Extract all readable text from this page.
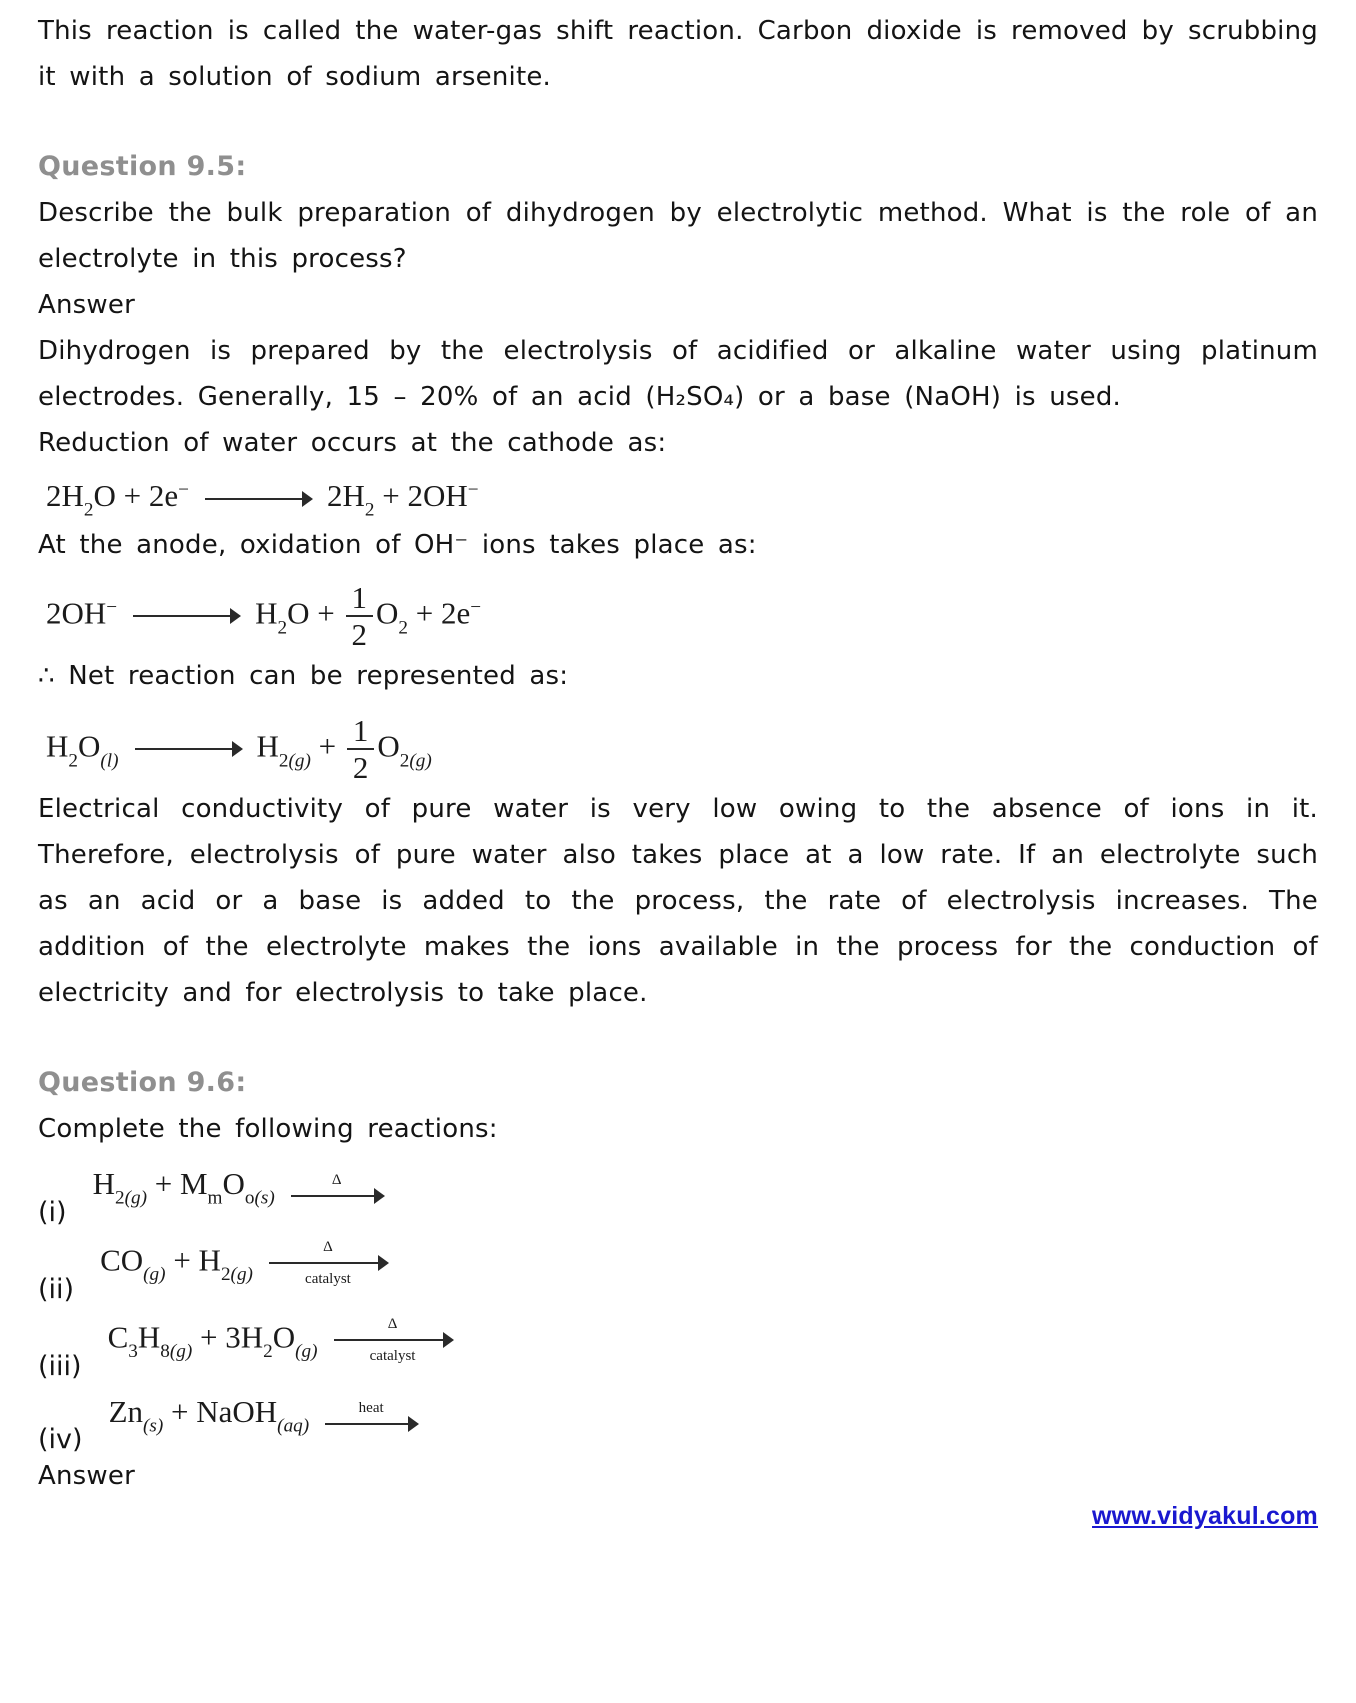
This reaction is called the water-gas shift reaction. Carbon dioxide is removed by scrubbing it with a solution of sodium arsenite.

Question 9.5:

Describe the bulk preparation of dihydrogen by electrolytic method. What is the role of an electrolyte in this process?

Answer

Dihydrogen is prepared by the electrolysis of acidified or alkaline water using platinum electrodes. Generally, 15 – 20% of an acid (H₂SO₄) or a base (NaOH) is used.

Reduction of water occurs at the cathode as:

$2H_2O + 2e^- \to 2H_2 + 2OH^-$

At the anode, oxidation of OH⁻ ions takes place as:

$2OH^- \to H_2O + \frac{1}{2} O_2 + 2e^-$

∴ Net reaction can be represented as:

$H_2O_{(l)} \to H_{2(g)} + \frac{1}{2} O_{2(g)}$

Electrical conductivity of pure water is very low owing to the absence of ions in it. Therefore, electrolysis of pure water also takes place at a low rate. If an electrolyte such as an acid or a base is added to the process, the rate of electrolysis increases. The addition of the electrolyte makes the ions available in the process for the conduction of electricity and for electrolysis to take place.

Question 9.6:

Complete the following reactions:

(i)
$H_{2(g)} + M_mO_{o(s)}$
Δ
(ii)
$CO_{(g)} + H_{2(g)}$
Δ
catalyst
(iii)
$C_3H_{8(g)} + 3H_2O_{(g)}$
Δ
catalyst
(iv)
$Zn_{(s)}$ + NaOH$_{(aq)}$
heat

Answer

www.vidyakul.com
